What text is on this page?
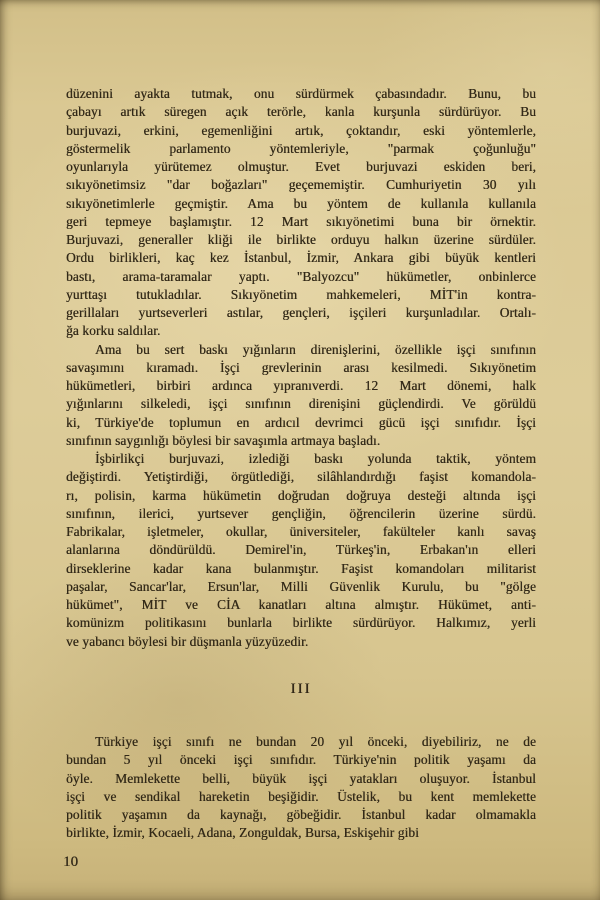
düzenini ayakta tutmak, onu sürdürmek çabasındadır. Bunu, bu
çabayı artık süregen açık terörle, kanla kurşunla sürdürüyor. Bu
burjuvazi, erkini, egemenliğini artık, çoktandır, eski yöntemlerle,
göstermelik parlamento yöntemleriyle, "parmak çoğunluğu"
oyunlarıyla yürütemez olmuştur. Evet burjuvazi eskiden beri,
sıkıyönetimsiz "dar boğazları" geçememiştir. Cumhuriyetin 30 yılı
sıkıyönetimlerle geçmiştir. Ama bu yöntem de kullanıla kullanıla
geri tepmeye başlamıştır. 12 Mart sıkıyönetimi buna bir örnektir.
Burjuvazi, generaller kliği ile birlikte orduyu halkın üzerine sürdüler.
Ordu birlikleri, kaç kez İstanbul, İzmir, Ankara gibi büyük kentleri
bastı, arama-taramalar yaptı. "Balyozcu" hükümetler, onbinlerce
yurttaşı tutukladılar. Sıkıyönetim mahkemeleri, MİT'in kontra-
gerillaları yurtseverleri astılar, gençleri, işçileri kurşunladılar. Ortalı-
ğa korku saldılar.
Ama bu sert baskı yığınların direnişlerini, özellikle işçi sınıfının
savaşımını kıramadı. İşçi grevlerinin arası kesilmedi. Sıkıyönetim
hükümetleri, birbiri ardınca yıpranıverdi. 12 Mart dönemi, halk
yığınlarını silkeledi, işçi sınıfının direnişini güçlendirdi. Ve görüldü
ki, Türkiye'de toplumun en ardıcıl devrimci gücü işçi sınıfıdır. İşçi
sınıfının saygınlığı böylesi bir savaşımla artmaya başladı.
İşbirlikçi burjuvazi, izlediği baskı yolunda taktik, yöntem
değiştirdi. Yetiştirdiği, örgütlediği, silâhlandırdığı faşist komandola-
rı, polisin, karma hükümetin doğrudan doğruya desteği altında işçi
sınıfının, ilerici, yurtsever gençliğin, öğrencilerin üzerine sürdü.
Fabrikalar, işletmeler, okullar, üniversiteler, fakülteler kanlı savaş
alanlarına döndürüldü. Demirel'in, Türkeş'in, Erbakan'ın elleri
dirseklerine kadar kana bulanmıştır. Faşist komandoları militarist
paşalar, Sancar'lar, Ersun'lar, Milli Güvenlik Kurulu, bu "gölge
hükümet", MİT ve CİA kanatları altına almıştır. Hükümet, anti-
komünizm politikasını bunlarla birlikte sürdürüyor. Halkımız, yerli
ve yabancı böylesi bir düşmanla yüzyüzedir.
III
Türkiye işçi sınıfı ne bundan 20 yıl önceki, diyebiliriz, ne de
bundan 5 yıl önceki işçi sınıfıdır. Türkiye'nin politik yaşamı da
öyle. Memlekette belli, büyük işçi yatakları oluşuyor. İstanbul
işçi ve sendikal hareketin beşiğidir. Üstelik, bu kent memlekette
politik yaşamın da kaynağı, göbeğidir. İstanbul kadar olmamakla
birlikte, İzmir, Kocaeli, Adana, Zonguldak, Bursa, Eskişehir gibi
10
